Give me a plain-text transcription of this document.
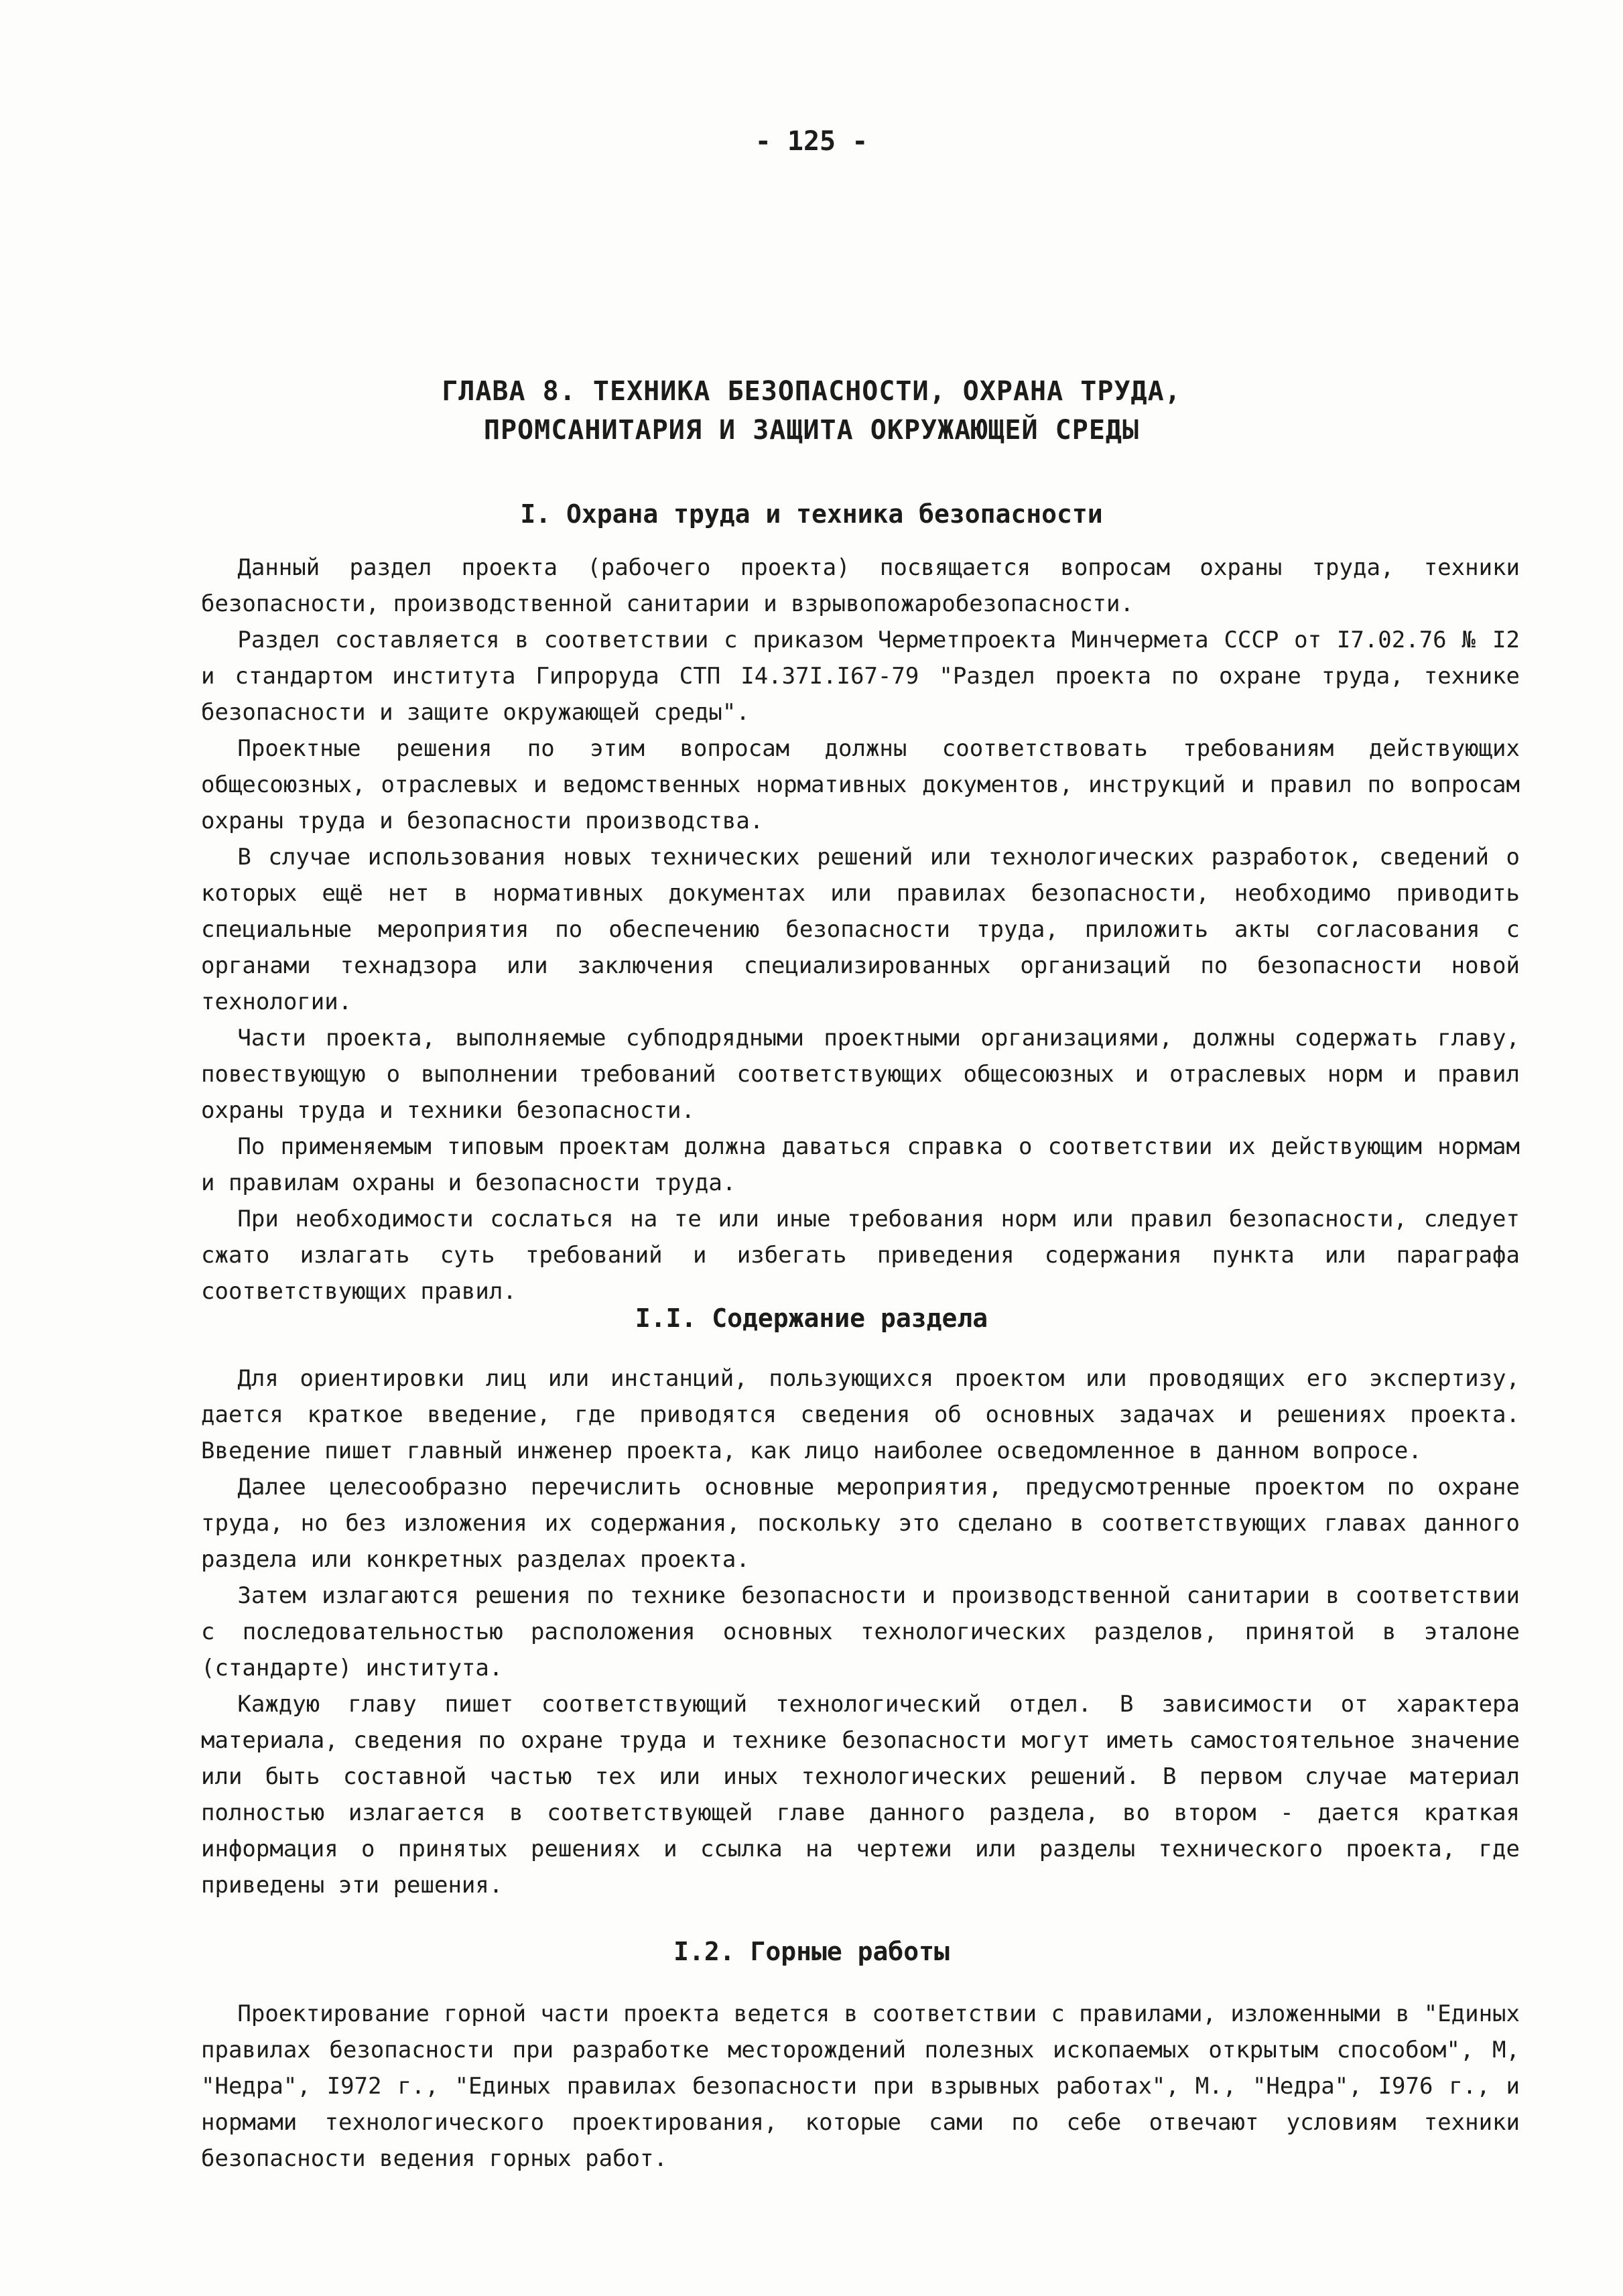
- 125 -
ГЛАВА 8. ТЕХНИКА БЕЗОПАСНОСТИ, ОХРАНА ТРУДА,
ПРОМСАНИТАРИЯ И ЗАЩИТА ОКРУЖАЮЩЕЙ СРЕДЫ
I. Охрана труда и техника безопасности

Данный раздел проекта (рабочего проекта) посвящается вопросам охраны труда, техники безопасности, производственной санитарии и взрывопожаробезопасности.

Раздел составляется в соответствии с приказом Черметпроекта Минчермета СССР от I7.02.76 № I2 и стандартом института Гипроруда СТП I4.37I.I67-79 "Раздел проекта по охране труда, технике безопасности и защите окружающей среды".

Проектные решения по этим вопросам должны соответствовать требованиям действующих общесоюзных, отраслевых и ведомственных нормативных документов, инструкций и правил по вопросам охраны труда и безопасности производства.

В случае использования новых технических решений или технологических разработок, сведений о которых ещё нет в нормативных документах или правилах безопасности, необходимо приводить специальные мероприятия по обеспечению безопасности труда, приложить акты согласования с органами технадзора или заключения специализированных организаций по безопасности новой технологии.

Части проекта, выполняемые субподрядными проектными организациями, должны содержать главу, повествующую о выполнении требований соответствующих общесоюзных и отраслевых норм и правил охраны труда и техники безопасности.

По применяемым типовым проектам должна даваться справка о соответствии их действующим нормам и правилам охраны и безопасности труда.

При необходимости сослаться на те или иные требования норм или правил безопасности, следует сжато излагать суть требований и избегать приведения содержания пункта или параграфа соответствующих правил.

I.I. Содержание раздела

Для ориентировки лиц или инстанций, пользующихся проектом или проводящих его экспертизу, дается краткое введение, где приводятся сведения об основных задачах и решениях проекта. Введение пишет главный инженер проекта, как лицо наиболее осведомленное в данном вопросе.

Далее целесообразно перечислить основные мероприятия, предусмотренные проектом по охране труда, но без изложения их содержания, поскольку это сделано в соответствующих главах данного раздела или конкретных разделах проекта.

Затем излагаются решения по технике безопасности и производственной санитарии в соответствии с последовательностью расположения основных технологических разделов, принятой в эталоне (стандарте) института.

Каждую главу пишет соответствующий технологический отдел. В зависимости от характера материала, сведения по охране труда и технике безопасности могут иметь самостоятельное значение или быть составной частью тех или иных технологических решений. В первом случае материал полностью излагается в соответствующей главе данного раздела, во втором - дается краткая информация о принятых решениях и ссылка на чертежи или разделы технического проекта, где приведены эти решения.

I.2. Горные работы

Проектирование горной части проекта ведется в соответствии с правилами, изложенными в "Единых правилах безопасности при разработке месторождений полезных ископаемых открытым способом", М, "Недра", I972 г., "Единых правилах безопасности при взрывных работах", М., "Недра", I976 г., и нормами технологического проектирования, которые сами по себе отвечают условиям техники безопасности ведения горных работ.
